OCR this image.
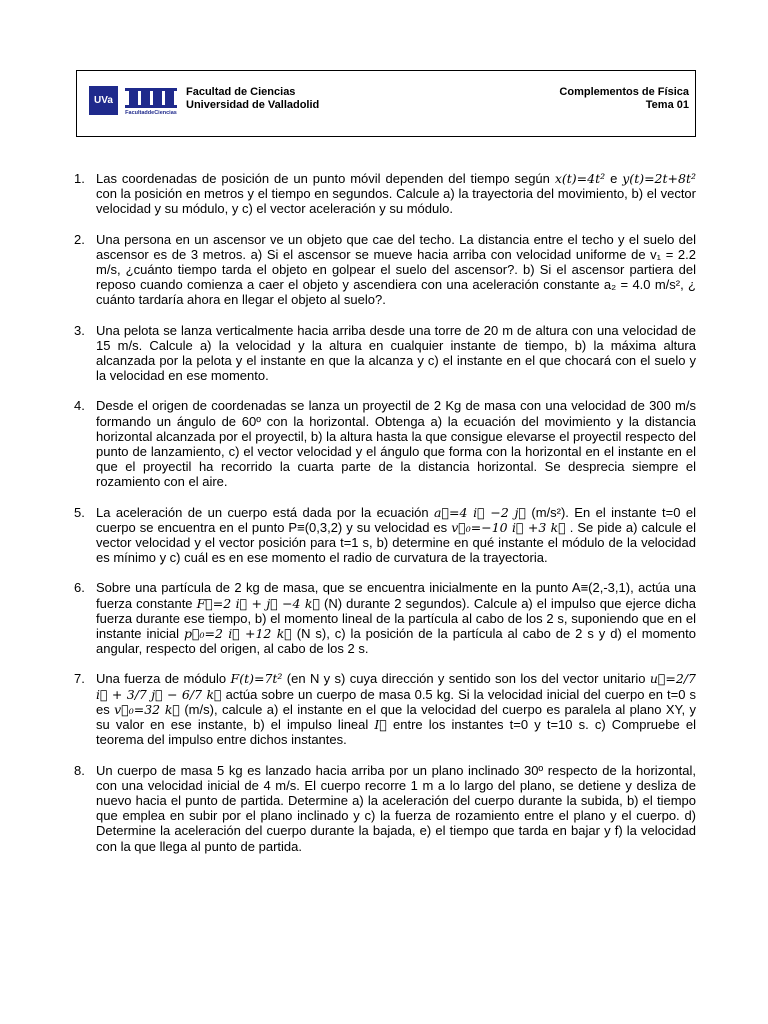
UVa
FacultaddeCiencias
Facultad de Ciencias
Universidad de Valladolid
Complementos de Física
Tema 01
1. Las coordenadas de posición de un punto móvil dependen del tiempo según x(t)=4t² e y(t)=2t+8t² con la posición en metros y el tiempo en segundos. Calcule a) la trayectoria del movimiento, b) el vector velocidad y su módulo, y c) el vector aceleración y su módulo.
2. Una persona en un ascensor ve un objeto que cae del techo. La distancia entre el techo y el suelo del ascensor es de 3 metros. a) Si el ascensor se mueve hacia arriba con velocidad uniforme de v₁ = 2.2 m/s, ¿cuánto tiempo tarda el objeto en golpear el suelo del ascensor?. b) Si el ascensor partiera del reposo cuando comienza a caer el objeto y ascendiera con una aceleración constante a₂ = 4.0 m/s², ¿ cuánto tardaría ahora en llegar el objeto al suelo?.
3. Una pelota se lanza verticalmente hacia arriba desde una torre de 20 m de altura con una velocidad de 15 m/s. Calcule a) la velocidad y la altura en cualquier instante de tiempo, b) la máxima altura alcanzada por la pelota y el instante en que la alcanza y c) el instante en el que chocará con el suelo y la velocidad en ese momento.
4. Desde el origen de coordenadas se lanza un proyectil de 2 Kg de masa con una velocidad de 300 m/s formando un ángulo de 60º con la horizontal. Obtenga a) la ecuación del movimiento y la distancia horizontal alcanzada por el proyectil, b) la altura hasta la que consigue elevarse el proyectil respecto del punto de lanzamiento, c) el vector velocidad y el ángulo que forma con la horizontal en el instante en el que el proyectil ha recorrido la cuarta parte de la distancia horizontal. Se desprecia siempre el rozamiento con el aire.
5. La aceleración de un cuerpo está dada por la ecuación a⃗=4 i⃗ −2 j⃗ (m/s²). En el instante t=0 el cuerpo se encuentra en el punto P≡(0,3,2) y su velocidad es v⃗₀=−10 i⃗ +3 k⃗ . Se pide a) calcule el vector velocidad y el vector posición para t=1 s, b) determine en qué instante el módulo de la velocidad es mínimo y c) cuál es en ese momento el radio de curvatura de la trayectoria.
6. Sobre una partícula de 2 kg de masa, que se encuentra inicialmente en la punto A≡(2,-3,1), actúa una fuerza constante F⃗=2 i⃗ + j⃗ −4 k⃗ (N) durante 2 segundos). Calcule a) el impulso que ejerce dicha fuerza durante ese tiempo, b) el momento lineal de la partícula al cabo de los 2 s, suponiendo que en el instante inicial p⃗₀=2 i⃗ +12 k⃗ (N s), c) la posición de la partícula al cabo de 2 s y d) el momento angular, respecto del origen, al cabo de los 2 s.
7. Una fuerza de módulo F(t)=7t² (en N y s) cuya dirección y sentido son los del vector unitario u⃗=2/7 i⃗ + 3/7 j⃗ − 6/7 k⃗ actúa sobre un cuerpo de masa 0.5 kg. Si la velocidad inicial del cuerpo en t=0 s es v⃗₀=32 k⃗ (m/s), calcule a) el instante en el que la velocidad del cuerpo es paralela al plano XY, y su valor en ese instante, b) el impulso lineal I⃗ entre los instantes t=0 y t=10 s. c) Compruebe el teorema del impulso entre dichos instantes.
8. Un cuerpo de masa 5 kg es lanzado hacia arriba por un plano inclinado 30º respecto de la horizontal, con una velocidad inicial de 4 m/s. El cuerpo recorre 1 m a lo largo del plano, se detiene y desliza de nuevo hacia el punto de partida. Determine a) la aceleración del cuerpo durante la subida, b) el tiempo que emplea en subir por el plano inclinado y c) la fuerza de rozamiento entre el plano y el cuerpo. d) Determine la aceleración del cuerpo durante la bajada, e) el tiempo que tarda en bajar y f) la velocidad con la que llega al punto de partida.
